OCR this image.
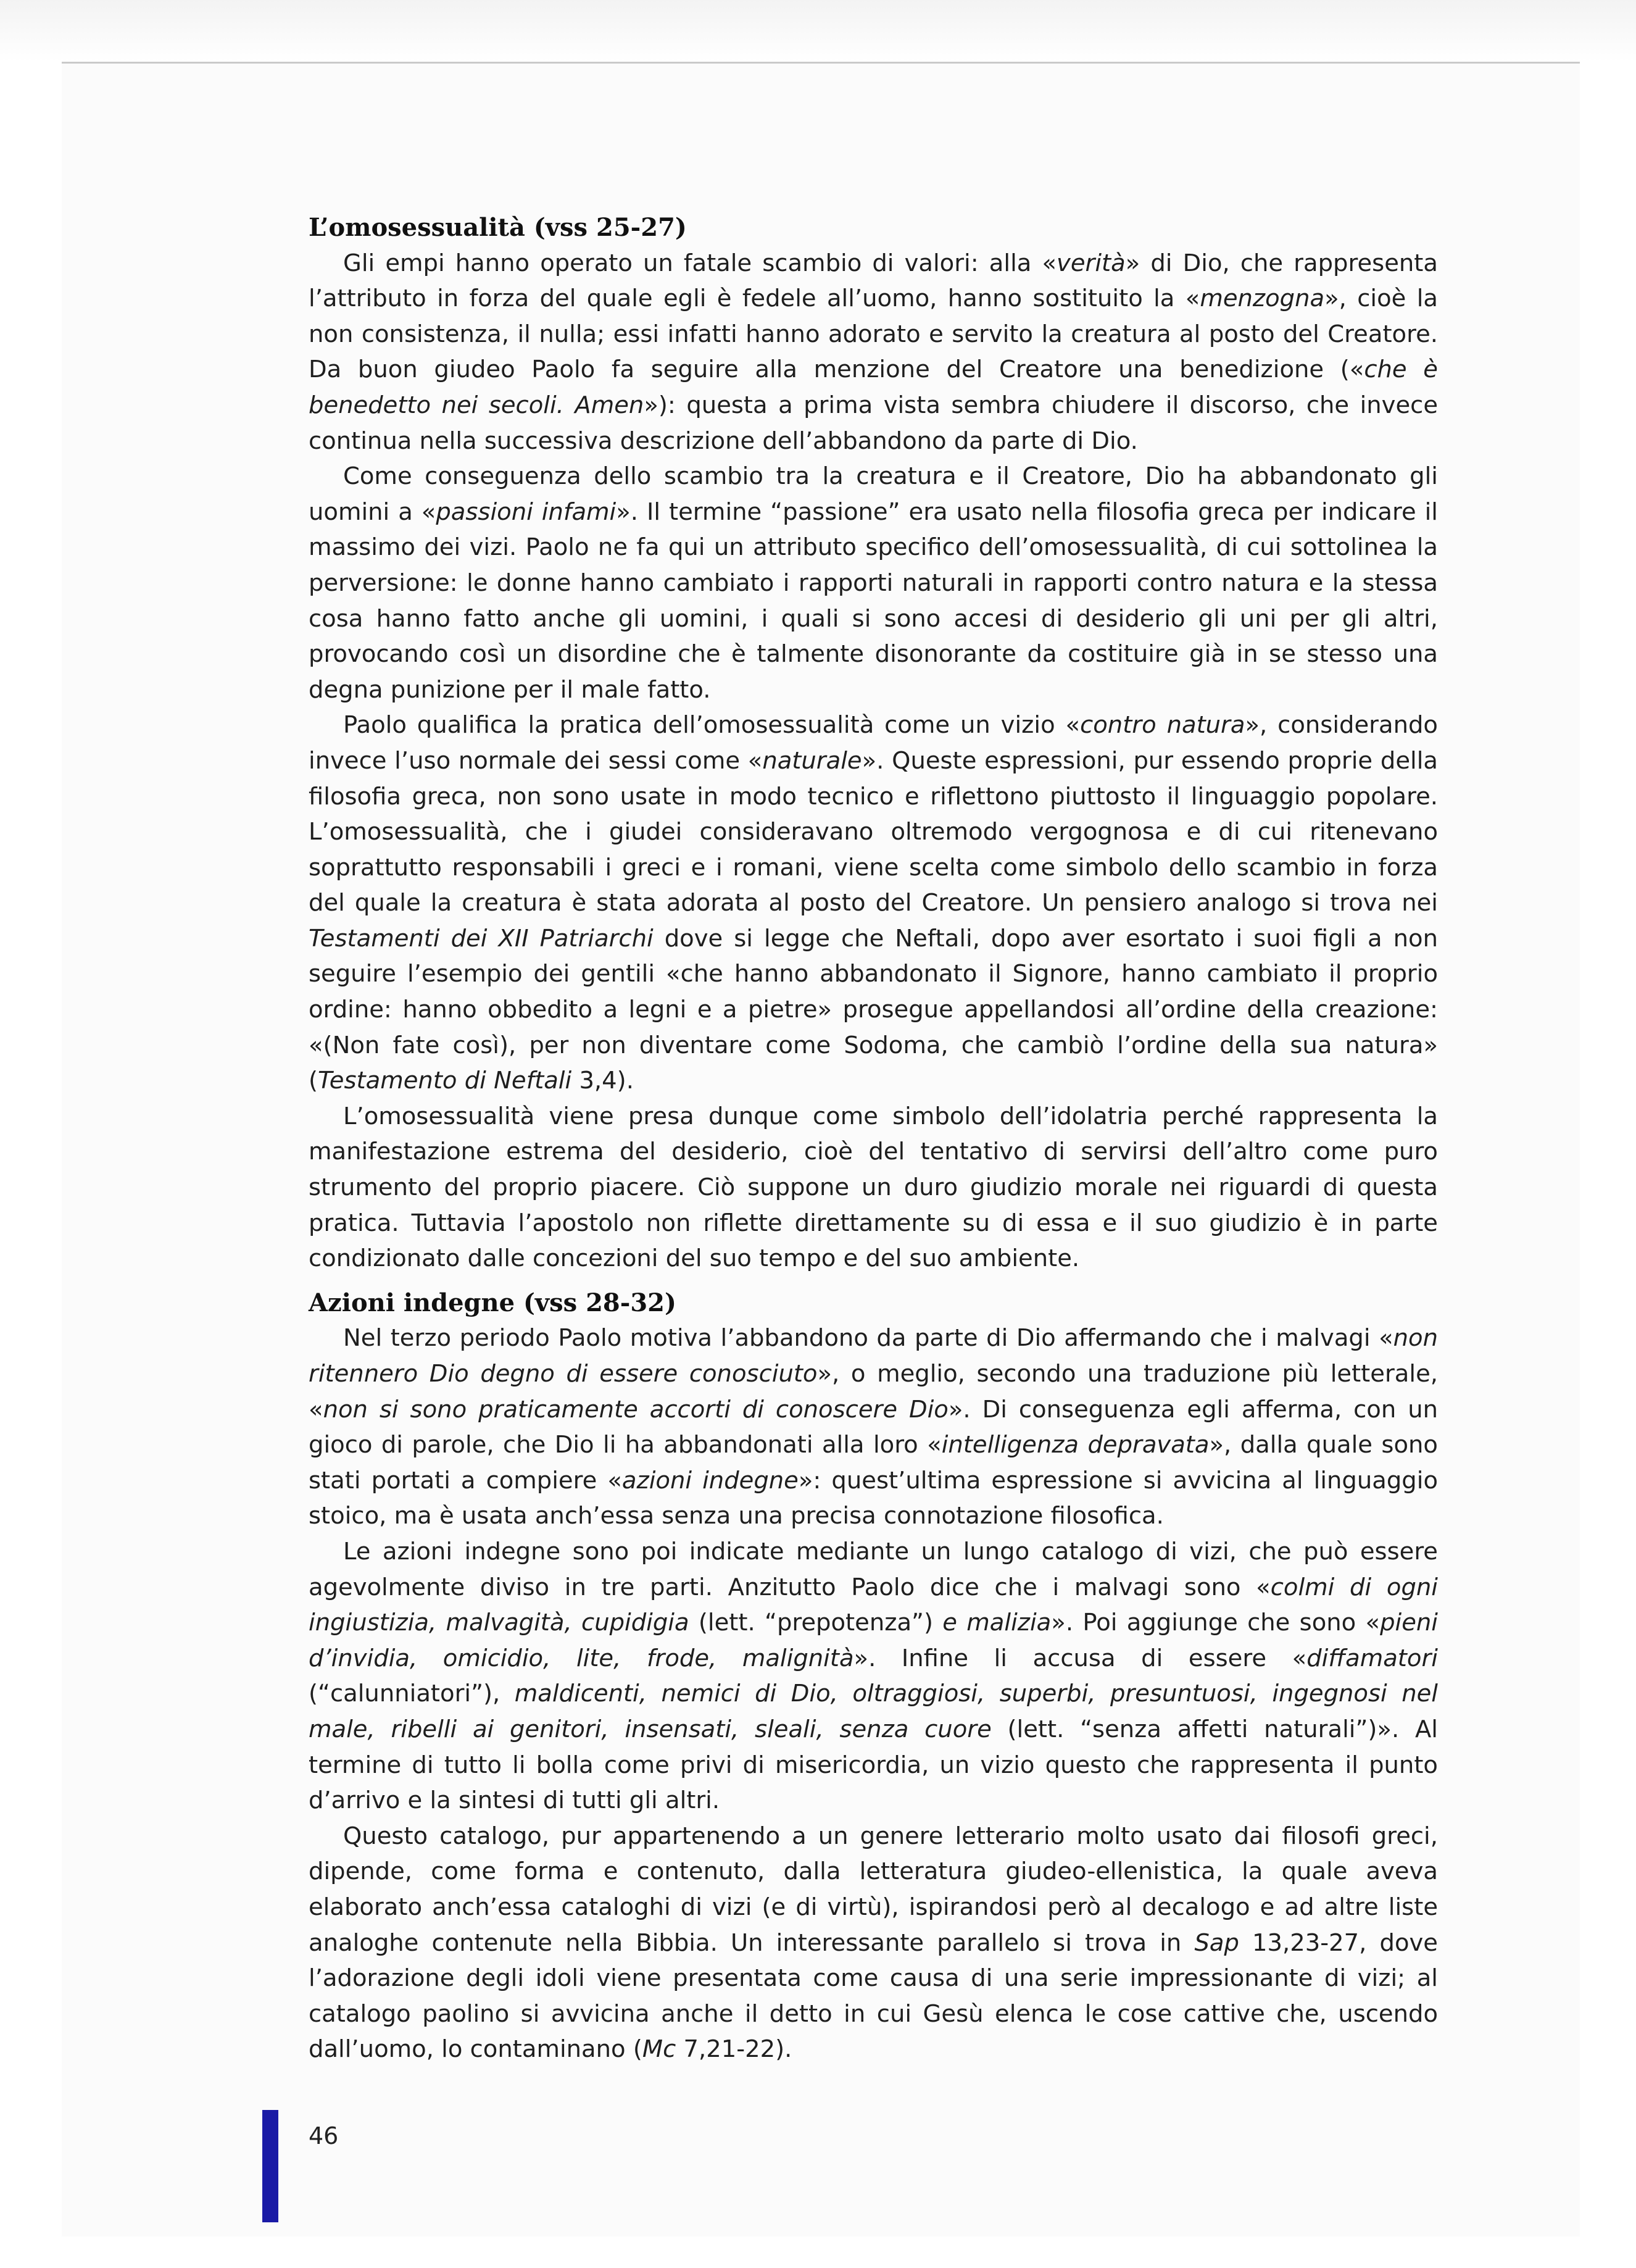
L’omosessualità (vss 25-27)

Gli empi hanno operato un fatale scambio di valori: alla «verità» di Dio, che rappresenta l’attributo in forza del quale egli è fedele all’uomo, hanno sostituito la «menzogna», cioè la non consistenza, il nulla; essi infatti hanno adorato e servito la creatura al posto del Creatore. Da buon giudeo Paolo fa seguire alla menzione del Creatore una benedizione («che è benedetto nei secoli. Amen»): questa a prima vista sembra chiudere il discorso, che invece continua nella successiva descrizione dell’abbandono da parte di Dio.

Come conseguenza dello scambio tra la creatura e il Creatore, Dio ha abbandonato gli uomini a «passioni infami». Il termine “passione” era usato nella filosofia greca per indicare il massimo dei vizi. Paolo ne fa qui un attributo specifico dell’omosessualità, di cui sottolinea la perversione: le donne hanno cambiato i rapporti naturali in rapporti contro natura e la stessa cosa hanno fatto anche gli uomini, i quali si sono accesi di desiderio gli uni per gli altri, provocando così un disordine che è talmente disonorante da costituire già in se stesso una degna punizione per il male fatto.

Paolo qualifica la pratica dell’omosessualità come un vizio «contro natura», considerando invece l’uso normale dei sessi come «naturale». Queste espressioni, pur essendo proprie della filosofia greca, non sono usate in modo tecnico e riflettono piuttosto il linguaggio popolare. L’omosessualità, che i giudei consideravano oltremodo vergognosa e di cui ritenevano soprattutto responsabili i greci e i romani, viene scelta come simbolo dello scambio in forza del quale la creatura è stata adorata al posto del Creatore. Un pensiero analogo si trova nei Testamenti dei XII Patriarchi dove si legge che Neftali, dopo aver esortato i suoi figli a non seguire l’esempio dei gentili «che hanno abbandonato il Signore, hanno cambiato il proprio ordine: hanno obbedito a legni e a pietre» prosegue appellandosi all’ordine della creazione: «(Non fate così), per non diventare come Sodoma, che cambiò l’ordine della sua natura» (Testamento di Neftali 3,4).

L’omosessualità viene presa dunque come simbolo dell’idolatria perché rappresenta la manifestazione estrema del desiderio, cioè del tentativo di servirsi dell’altro come puro strumento del proprio piacere. Ciò suppone un duro giudizio morale nei riguardi di questa pratica. Tuttavia l’apostolo non riflette direttamente su di essa e il suo giudizio è in parte condizionato dalle concezioni del suo tempo e del suo ambiente.

Azioni indegne (vss 28-32)

Nel terzo periodo Paolo motiva l’abbandono da parte di Dio affermando che i malvagi «non ritennero Dio degno di essere conosciuto», o meglio, secondo una traduzione più letterale, «non si sono praticamente accorti di conoscere Dio». Di conseguenza egli afferma, con un gioco di parole, che Dio li ha abbandonati alla loro «intelligenza depravata», dalla quale sono stati portati a compiere «azioni indegne»: quest’ultima espressione si avvicina al linguaggio stoico, ma è usata anch’essa senza una precisa connotazione filosofica.

Le azioni indegne sono poi indicate mediante un lungo catalogo di vizi, che può essere agevolmente diviso in tre parti. Anzitutto Paolo dice che i malvagi sono «colmi di ogni ingiustizia, malvagità, cupidigia (lett. “prepotenza”) e malizia». Poi aggiunge che sono «pieni d’invidia, omicidio, lite, frode, malignità». Infine li accusa di essere «diffamatori (“calunniatori”), maldicenti, nemici di Dio, oltraggiosi, superbi, presuntuosi, ingegnosi nel male, ribelli ai genitori, insensati, sleali, senza cuore (lett. “senza affetti naturali”)». Al termine di tutto li bolla come privi di misericordia, un vizio questo che rappresenta il punto d’arrivo e la sintesi di tutti gli altri.

Questo catalogo, pur appartenendo a un genere letterario molto usato dai filosofi greci, dipende, come forma e contenuto, dalla letteratura giudeo-ellenistica, la quale aveva elaborato anch’essa cataloghi di vizi (e di virtù), ispirandosi però al decalogo e ad altre liste analoghe contenute nella Bibbia. Un interessante parallelo si trova in Sap 13,23-27, dove l’adorazione degli idoli viene presentata come causa di una serie impressionante di vizi; al catalogo paolino si avvicina anche il detto in cui Gesù elenca le cose cattive che, uscendo dall’uomo, lo contaminano (Mc 7,21-22).

46
